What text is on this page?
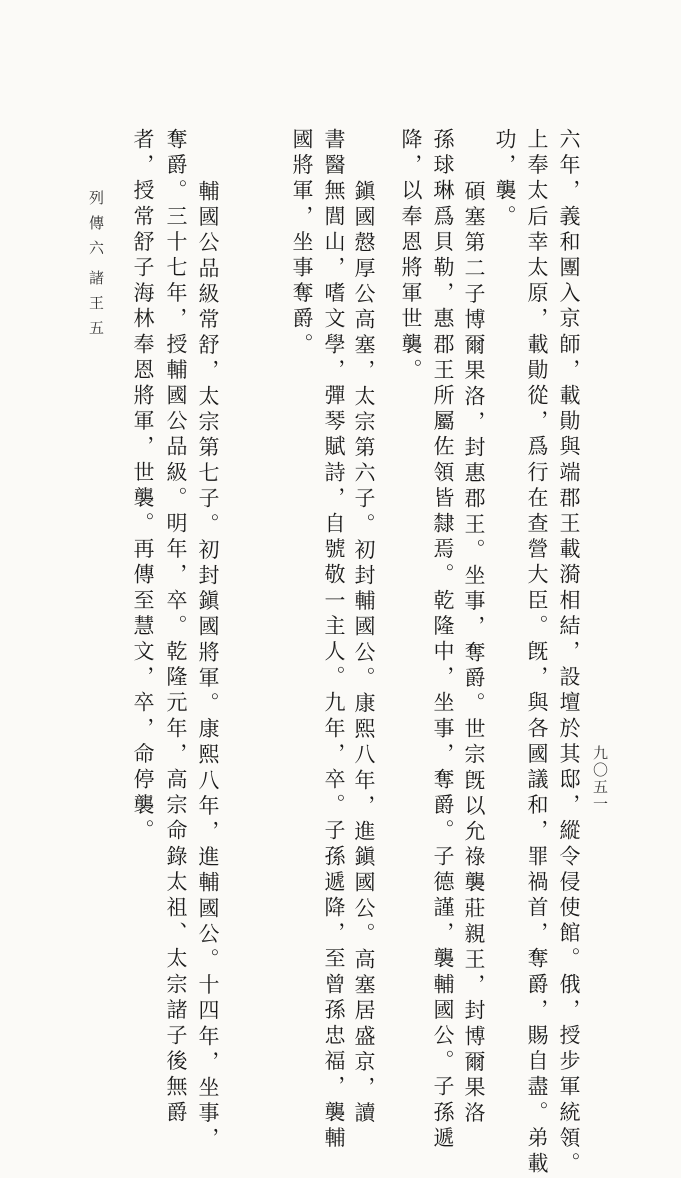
六年，義和團入京師，載勛與端郡王載漪相結，設壇於其邸，縱令侵使館。俄，授步軍統領。
上奉太后幸太原，載勛從，爲行在查營大臣。旣，與各國議和，罪禍首，奪爵，賜自盡。弟載
功，襲。
碩塞第二子博爾果洛，封惠郡王。坐事，奪爵。世宗旣以允祿襲莊親王，封博爾果洛
孫球琳爲貝勒，惠郡王所屬佐領皆隸焉。乾隆中，坐事，奪爵。子德謹，襲輔國公。子孫遞
降，以奉恩將軍世襲。
鎭國慤厚公高塞，太宗第六子。初封輔國公。康熙八年，進鎭國公。高塞居盛京，讀
書醫無閭山，嗜文學，彈琴賦詩，自號敬一主人。九年，卒。子孫遞降，至曾孫忠福，襲輔
國將軍，坐事奪爵。
輔國公品級常舒，太宗第七子。初封鎭國將軍。康熙八年，進輔國公。十四年，坐事，
奪爵。三十七年，授輔國公品級。明年，卒。乾隆元年，高宗命錄太祖、太宗諸子後無爵
者，授常舒子海林奉恩將軍，世襲。再傳至慧文，卒，命停襲。
列傳六
諸王五
九〇五一
